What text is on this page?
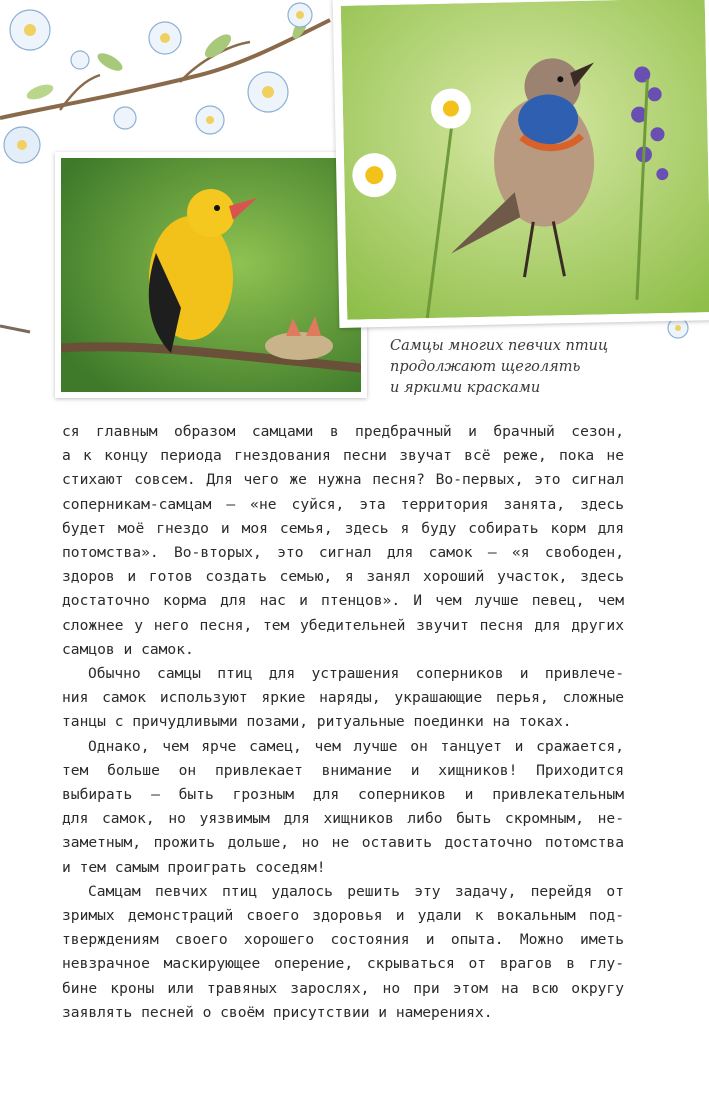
Самцы многих певчих птиц
продолжают щеголять
и яркими красками

ся главным образом самцами в предбрачный и брачный сезон,
а к концу периода гнездования песни звучат всё реже, пока не
стихают совсем. Для чего же нужна песня? Во-первых, это сигнал
соперникам-самцам — «не суйся, эта территория занята, здесь
будет моё гнездо и моя семья, здесь я буду собирать корм для
потомства». Во-вторых, это сигнал для самок — «я свободен,
здоров и готов создать семью, я занял хороший участок, здесь
достаточно корма для нас и птенцов». И чем лучше певец, чем
сложнее у него песня, тем убедительней звучит песня для других
самцов и самок.

Обычно самцы птиц для устрашения соперников и привлече-
ния самок используют яркие наряды, украшающие перья, сложные
танцы с причудливыми позами, ритуальные поединки на токах.

Однако, чем ярче самец, чем лучше он танцует и сражается,
тем больше он привлекает внимание и хищников! Приходится
выбирать — быть грозным для соперников и привлекательным
для самок, но уязвимым для хищников либо быть скромным, не-
заметным, прожить дольше, но не оставить достаточно потомства
и тем самым проиграть соседям!

Самцам певчих птиц удалось решить эту задачу, перейдя от
зримых демонстраций своего здоровья и удали к вокальным под-
тверждениям своего хорошего состояния и опыта. Можно иметь
невзрачное маскирующее оперение, скрываться от врагов в глу-
бине кроны или травяных зарослях, но при этом на всю округу
заявлять песней о своём присутствии и намерениях.
